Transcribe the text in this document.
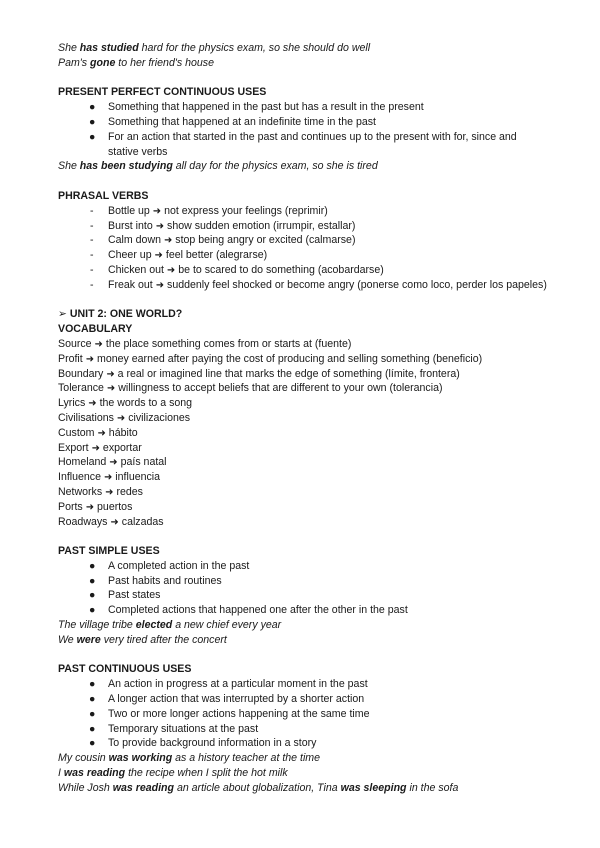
She has studied hard for the physics exam, so she should do well
Pam's gone to her friend's house
PRESENT PERFECT CONTINUOUS USES
● Something that happened in the past but has a result in the present
● Something that happened at an indefinite time in the past
● For an action that started in the past and continues up to the present with for, since and stative verbs
She has been studying all day for the physics exam, so she is tired
PHRASAL VERBS
- Bottle up ➜ not express your feelings (reprimir)
- Burst into ➜ show sudden emotion (irrumpir, estallar)
- Calm down ➜ stop being angry or excited (calmarse)
- Cheer up ➜ feel better (alegrarse)
- Chicken out ➜ be to scared to do something (acobardarse)
- Freak out ➜ suddenly feel shocked or become angry (ponerse como loco, perder los papeles)
➢ UNIT 2: ONE WORLD?
VOCABULARY
Source ➜ the place something comes from or starts at (fuente)
Profit ➜ money earned after paying the cost of producing and selling something (beneficio)
Boundary ➜ a real or imagined line that marks the edge of something (límite, frontera)
Tolerance ➜ willingness to accept beliefs that are different to your own (tolerancia)
Lyrics ➜ the words to a song
Civilisations ➜ civilizaciones
Custom ➜ hábito
Export ➜ exportar
Homeland ➜ país natal
Influence ➜ influencia
Networks ➜ redes
Ports ➜ puertos
Roadways ➜ calzadas
PAST SIMPLE USES
● A completed action in the past
● Past habits and routines
● Past states
● Completed actions that happened one after the other in the past
The village tribe elected a new chief every year
We were very tired after the concert
PAST CONTINUOUS USES
● An action in progress at a particular moment in the past
● A longer action that was interrupted by a shorter action
● Two or more longer actions happening at the same time
● Temporary situations at the past
● To provide background information in a story
My cousin was working as a history teacher at the time
I was reading the recipe when I split the hot milk
While Josh was reading an article about globalization, Tina was sleeping in the sofa
